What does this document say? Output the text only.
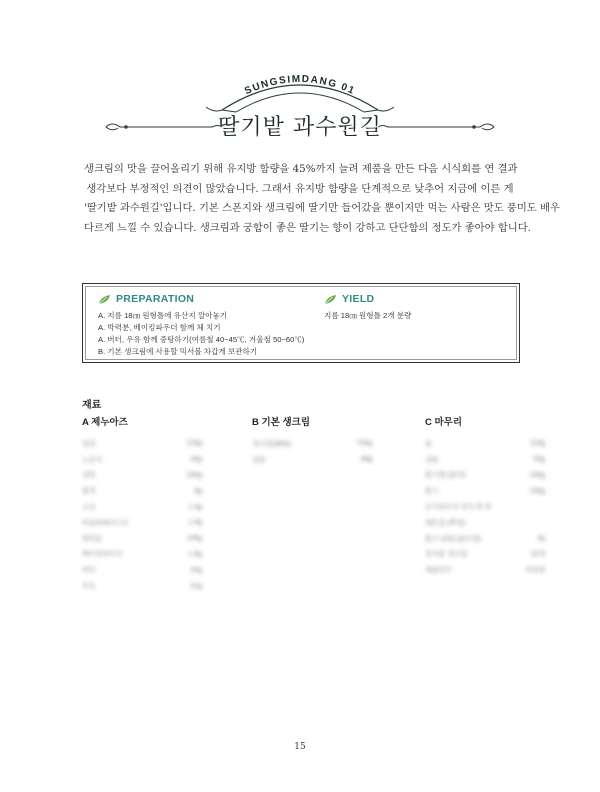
SUNGSIMDANG 01
딸기밭 과수원길
생크림의 맛을 끌어올리기 위해 유지방 함량을 45%까지 늘려 제품을 만든 다음 시식회를 연 결과
생각보다 부정적인 의견이 많았습니다. 그래서 유지방 함량을 단계적으로 낮추어 지금에 이른 게
'딸기밭 과수원길'입니다. 기본 스폰지와 생크림에 딸기만 들어갔을 뿐이지만 먹는 사람은 맛도 풍미도 배우
다르게 느낄 수 있습니다. 생크림과 궁합이 좋은 딸기는 향이 강하고 단단함의 정도가 좋아야 합니다.
PREPARATION
A. 지름 18㎝ 원형틀에 유산지 깔아놓기
A. 박력분, 베이킹파우더 함께 체 치기
A. 버터, 우유 함께 중탕하기(여름철 40~45℃, 겨울철 50~60℃)
B. 기본 생크림에 사용할 믹서볼 차갑게 보관하기
YIELD
지름 18㎝ 원형틀 2개 분량
재료
A 제누아즈
달걀	218g
노른자	44g
설탕	160g
물엿	8g
소금	1.4g
바닐라페이스트	1.4g
박력분	145g
베이킹파우더	1.8g
버터	43g
우유	22g
B 기본 생크림
생크림(38%)	700g
설탕	49g
C 마무리
물	110g
설탕	55g
딸기잼 (출처)	100g
딸기	150g
슈가파우더 장식 한 번
레몬즙 (뿌림)
딸기 퓌레 (꽃모양)	4g
장식용 생크림	10개
애플민트	적당량
15
